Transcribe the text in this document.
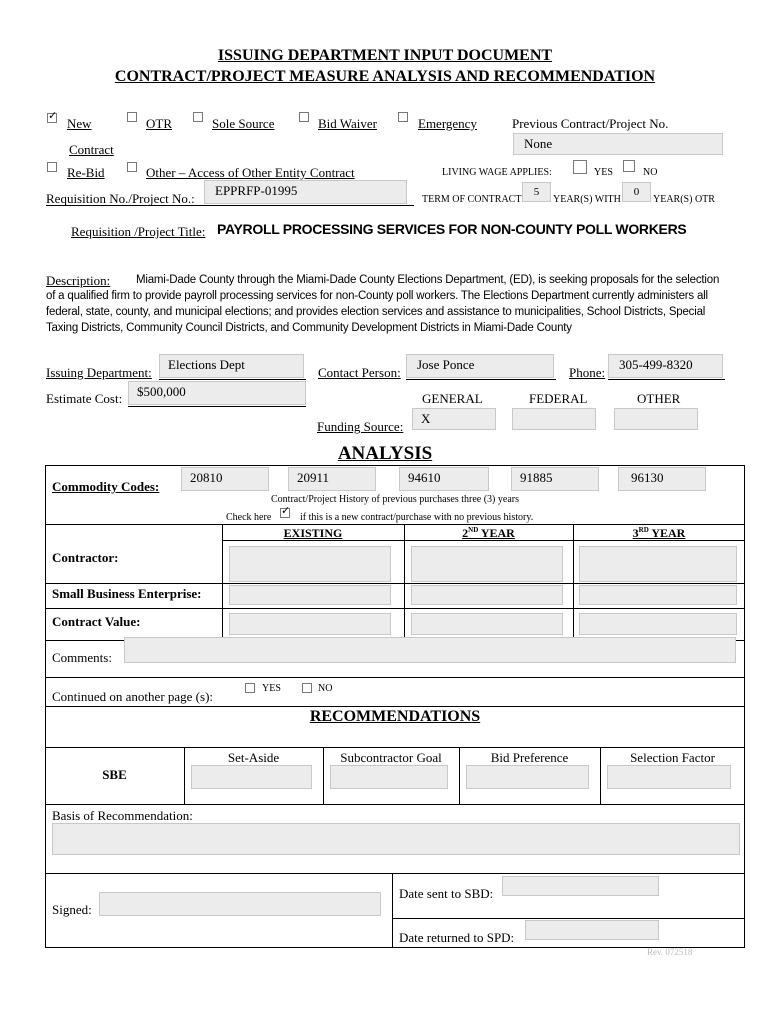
ISSUING DEPARTMENT INPUT DOCUMENT
CONTRACT/PROJECT MEASURE ANALYSIS AND RECOMMENDATION
✓
New
Contract
OTR	Sole Source	Bid Waiver	Emergency	Previous Contract/Project No.
None
Re-Bid	Other – Access of Other Entity Contract	LIVING WAGE APPLIES:	YES	NO
Requisition No./Project No.:
EPPRFP-01995
TERM OF CONTRACT
5
YEAR(S) WITH
0
YEAR(S) OTR
Requisition /Project Title: PAYROLL PROCESSING SERVICES FOR NON-COUNTY POLL WORKERS
Description: Miami-Dade County through the Miami-Dade County Elections Department, (ED), is seeking proposals for the selection
of a qualified firm to provide payroll processing services for non-County poll workers. The Elections Department currently administers all
federal, state, county, and municipal elections; and provides election services and assistance to municipalities, School Districts, Special
Taxing Districts, Community Council Districts, and Community Development Districts in Miami-Dade County
Issuing Department:
Elections Dept
Contact Person:
Jose Ponce
Phone:
305-499-8320
Estimate Cost:	$500,000	GENERAL	FEDERAL	OTHER
Funding Source:
X
ANALYSIS
Commodity Codes:
20810	20911	94610	91885	96130
Contract/Project History of previous purchases three (3) years
Check here
✓	if this is a new contract/purchase with no previous history.
EXISTING	2ND YEAR	3RD YEAR
Contractor:
Small Business Enterprise:
Contract Value:
Comments:
Continued on another page (s):
YES	NO
RECOMMENDATIONS
Set-Aside	Subcontractor Goal	Bid Preference	Selection Factor
SBE
Basis of Recommendation:
Signed:
Date sent to SBD:
Date returned to SPD:
Rev. 072518
